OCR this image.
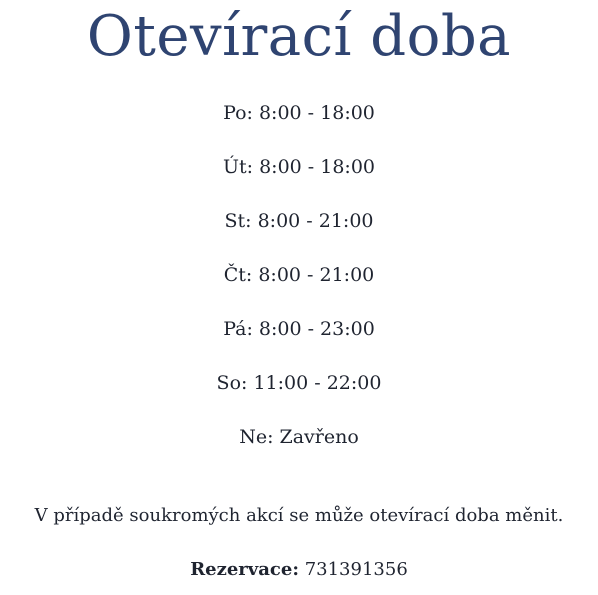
Otevírací doba
Po: 8:00 - 18:00
Út: 8:00 - 18:00
St: 8:00 - 21:00
Čt: 8:00 - 21:00
Pá: 8:00 - 23:00
So: 11:00 - 22:00
Ne: Zavřeno

V případě soukromých akcí se může otevírací doba měnit.

Rezervace: 731391356
